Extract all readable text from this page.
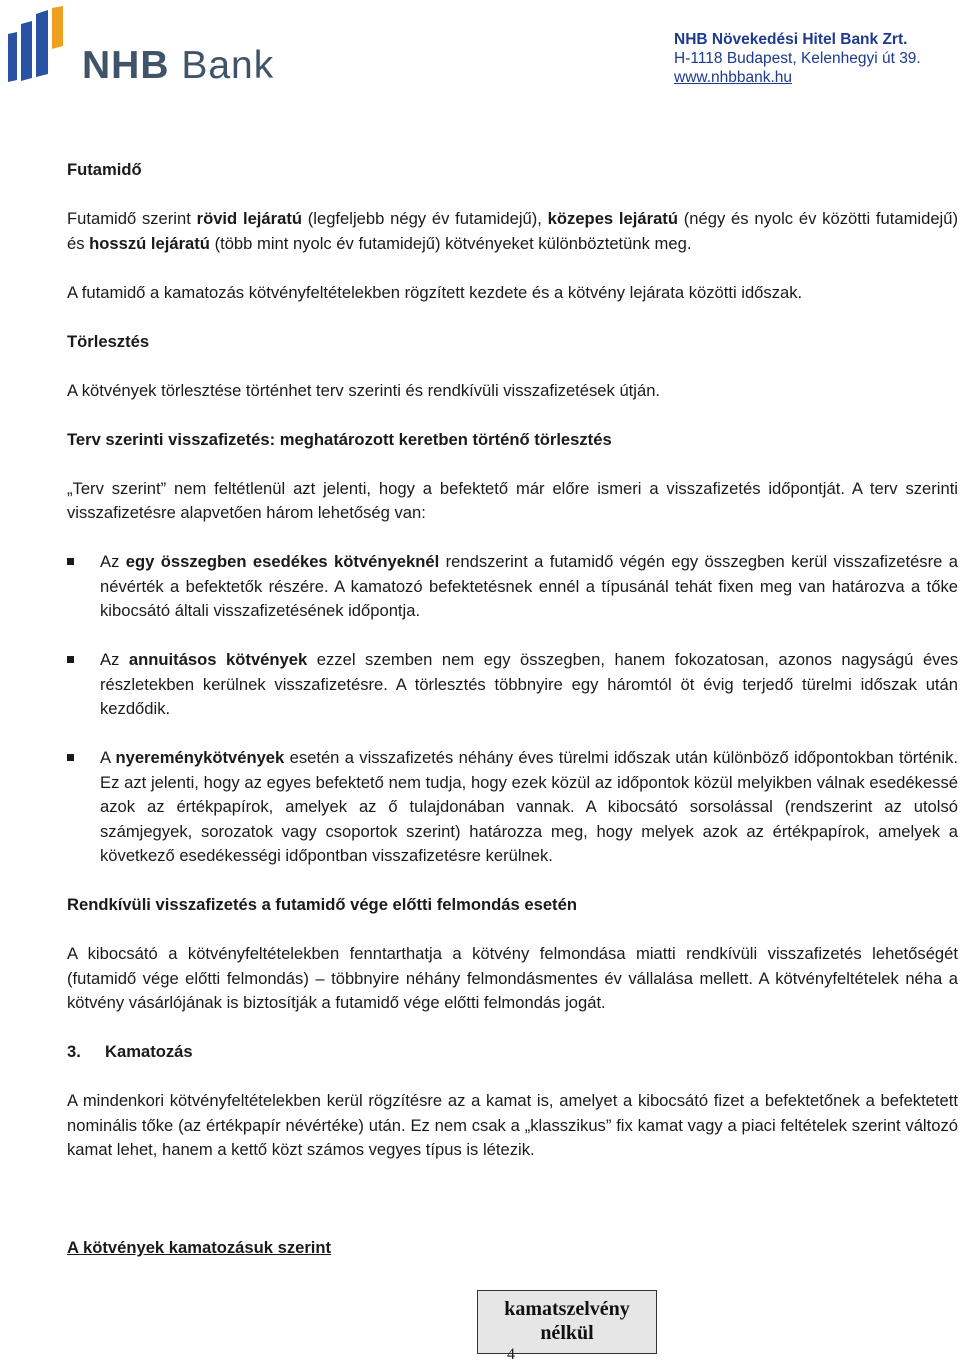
NHB Bank
NHB Növekedési Hitel Bank Zrt.
H-1118 Budapest, Kelenhegyi út 39.
www.nhbbank.hu

Futamidő

Futamidő szerint rövid lejáratú (legfeljebb négy év futamidejű), közepes lejáratú (négy és nyolc év közötti futamidejű) és hosszú lejáratú (több mint nyolc év futamidejű) kötvényeket különböztetünk meg.

A futamidő a kamatozás kötvényfeltételekben rögzített kezdete és a kötvény lejárata közötti időszak.

Törlesztés

A kötvények törlesztése történhet terv szerinti és rendkívüli visszafizetések útján.

Terv szerinti visszafizetés: meghatározott keretben történő törlesztés

„Terv szerint” nem feltétlenül azt jelenti, hogy a befektető már előre ismeri a visszafizetés időpontját. A terv szerinti visszafizetésre alapvetően három lehetőség van:

Az egy összegben esedékes kötvényeknél rendszerint a futamidő végén egy összegben kerül visszafizetésre a névérték a befektetők részére. A kamatozó befektetésnek ennél a típusánál tehát fixen meg van határozva a tőke kibocsátó általi visszafizetésének időpontja.
Az annuitásos kötvények ezzel szemben nem egy összegben, hanem fokozatosan, azonos nagyságú éves részletekben kerülnek visszafizetésre. A törlesztés többnyire egy háromtól öt évig terjedő türelmi időszak után kezdődik.
A nyereménykötvények esetén a visszafizetés néhány éves türelmi időszak után különböző időpontokban történik. Ez azt jelenti, hogy az egyes befektető nem tudja, hogy ezek közül az időpontok közül melyikben válnak esedékessé azok az értékpapírok, amelyek az ő tulajdonában vannak. A kibocsátó sorsolással (rendszerint az utolsó számjegyek, sorozatok vagy csoportok szerint) határozza meg, hogy melyek azok az értékpapírok, amelyek a következő esedékességi időpontban visszafizetésre kerülnek.

Rendkívüli visszafizetés a futamidő vége előtti felmondás esetén

A kibocsátó a kötvényfeltételekben fenntarthatja a kötvény felmondása miatti rendkívüli visszafizetés lehetőségét (futamidő vége előtti felmondás) – többnyire néhány felmondásmentes év vállalása mellett. A kötvényfeltételek néha a kötvény vásárlójának is biztosítják a futamidő vége előtti felmondás jogát.

3. Kamatozás

A mindenkori kötvényfeltételekben kerül rögzítésre az a kamat is, amelyet a kibocsátó fizet a befektetőnek a befektetett nominális tőke (az értékpapír névértéke) után. Ez nem csak a „klasszikus” fix kamat vagy a piaci feltételek szerint változó kamat lehet, hanem a kettő közt számos vegyes típus is létezik.

A kötvények kamatozásuk szerint

kamatszelvény
nélkül
4
